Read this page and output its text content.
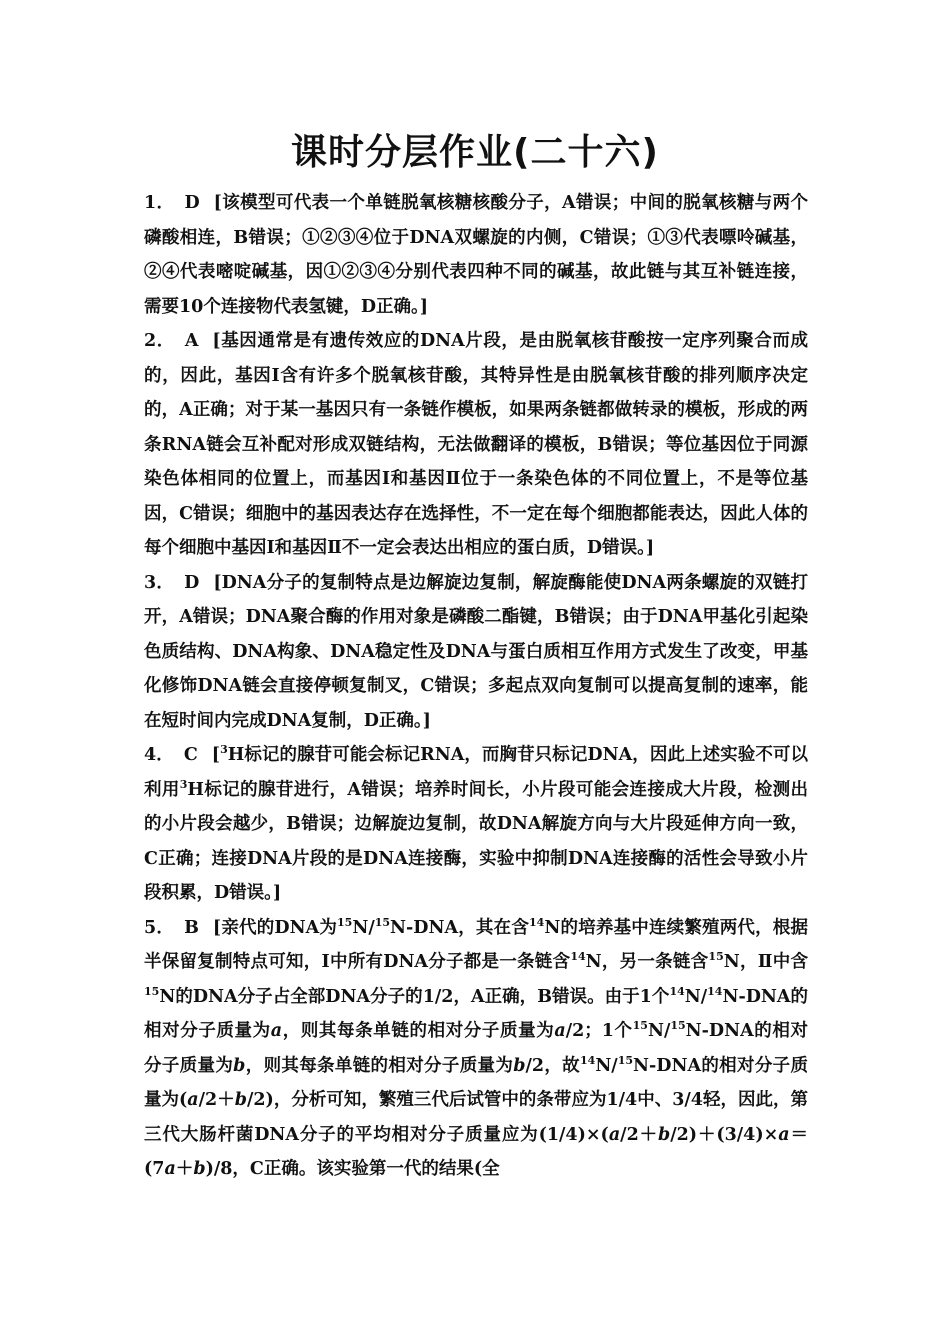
课时分层作业(二十六)

1． D [该模型可代表一个单链脱氧核糖核酸分子，A错误；中间的脱氧核糖与两个磷酸相连，B错误；①②③④位于DNA双螺旋的内侧，C错误；①③代表嘌呤碱基，②④代表嘧啶碱基，因①②③④分别代表四种不同的碱基，故此链与其互补链连接，需要10个连接物代表氢键，D正确。]

2． A [基因通常是有遗传效应的DNA片段，是由脱氧核苷酸按一定序列聚合而成的，因此，基因Ⅰ含有许多个脱氧核苷酸，其特异性是由脱氧核苷酸的排列顺序决定的，A正确；对于某一基因只有一条链作模板，如果两条链都做转录的模板，形成的两条RNA链会互补配对形成双链结构，无法做翻译的模板，B错误；等位基因位于同源染色体相同的位置上，而基因Ⅰ和基因Ⅱ位于一条染色体的不同位置上，不是等位基因，C错误；细胞中的基因表达存在选择性，不一定在每个细胞都能表达，因此人体的每个细胞中基因Ⅰ和基因Ⅱ不一定会表达出相应的蛋白质，D错误。]

3． D [DNA分子的复制特点是边解旋边复制，解旋酶能使DNA两条螺旋的双链打开，A错误；DNA聚合酶的作用对象是磷酸二酯键，B错误；由于DNA甲基化引起染色质结构、DNA构象、DNA稳定性及DNA与蛋白质相互作用方式发生了改变，甲基化修饰DNA链会直接停顿复制叉，C错误；多起点双向复制可以提高复制的速率，能在短时间内完成DNA复制，D正确。]

4． C [$^3$H标记的腺苷可能会标记RNA，而胸苷只标记DNA，因此上述实验不可以利用$^3$H标记的腺苷进行，A错误；培养时间长，小片段可能会连接成大片段，检测出的小片段会越少，B错误；边解旋边复制，故DNA解旋方向与大片段延伸方向一致，C正确；连接DNA片段的是DNA连接酶，实验中抑制DNA连接酶的活性会导致小片段积累，D错误。]

5． B [亲代的DNA为$^{15}$N/$^{15}$N-DNA，其在含$^{14}$N的培养基中连续繁殖两代，根据半保留复制特点可知，Ⅰ中所有DNA分子都是一条链含$^{14}$N，另一条链含$^{15}$N，Ⅱ中含$^{15}$N的DNA分子占全部DNA分子的1/2，A正确，B错误。由于1个$^{14}$N/$^{14}$N-DNA的相对分子质量为a，则其每条单链的相对分子质量为a/2；1个$^{15}$N/$^{15}$N-DNA的相对分子质量为b，则其每条单链的相对分子质量为b/2，故$^{14}$N/$^{15}$N-DNA的相对分子质量为(a/2＋b/2)，分析可知，繁殖三代后试管中的条带应为1/4中、3/4轻，因此，第三代大肠杆菌DNA分子的平均相对分子质量应为(1/4)×(a/2＋b/2)＋(3/4)×a＝(7a＋b)/8，C正确。该实验第一代的结果(全
